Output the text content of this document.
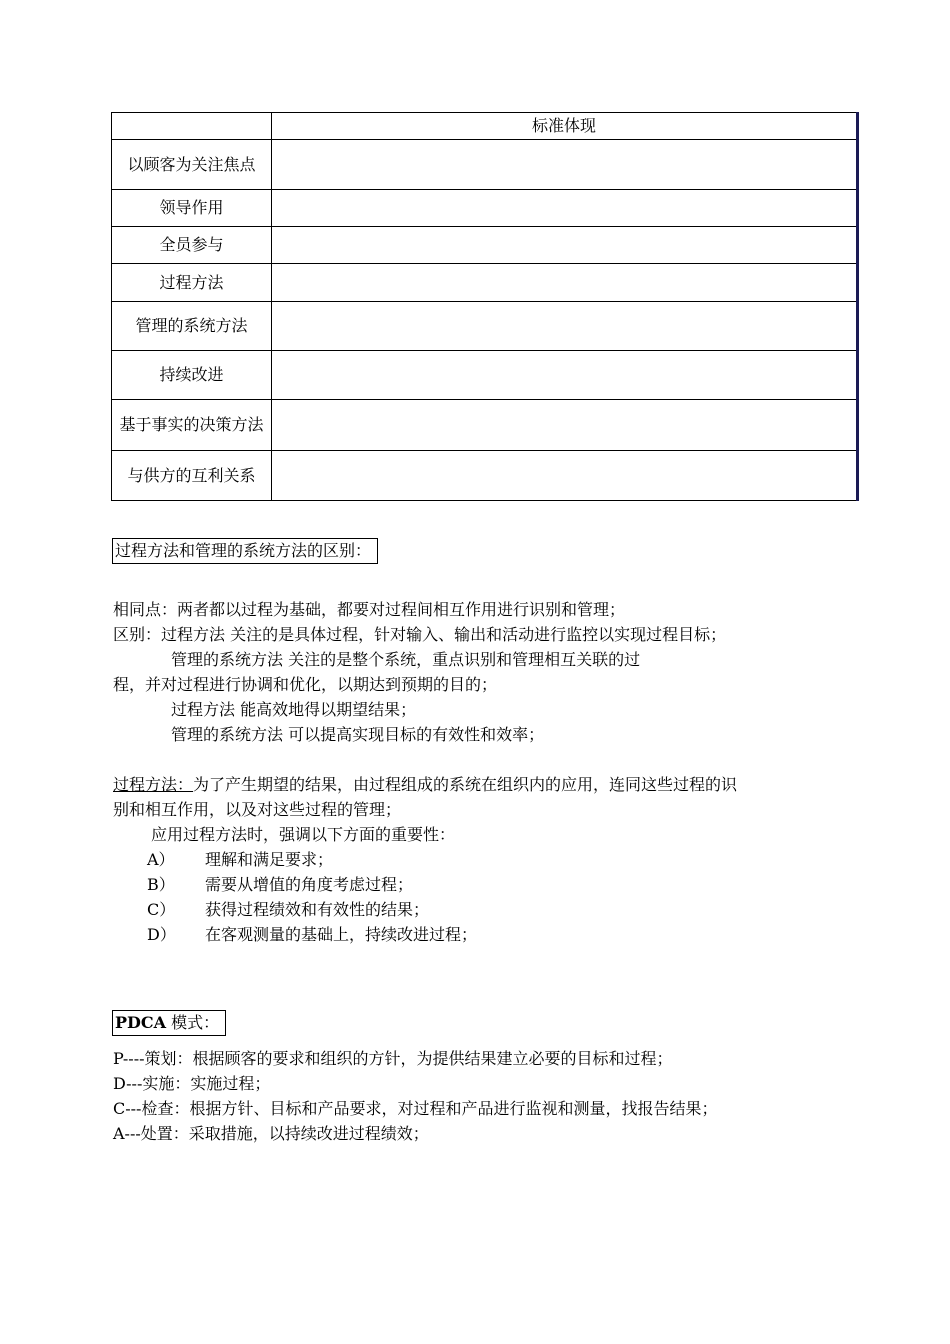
	标准体现
以顾客为关注焦点	
领导作用	
全员参与	
过程方法	
管理的系统方法	
持续改进	
基于事实的决策方法	
与供方的互利关系	
过程方法和管理的系统方法的区别：
相同点：两者都以过程为基础，都要对过程间相互作用进行识别和管理；
区别：过程方法 关注的是具体过程，针对输入、输出和活动进行监控以实现过程目标；
管理的系统方法 关注的是整个系统，重点识别和管理相互关联的过
程，并对过程进行协调和优化，以期达到预期的目的；
过程方法 能高效地得以期望结果；
管理的系统方法 可以提高实现目标的有效性和效率；
过程方法：为了产生期望的结果，由过程组成的系统在组织内的应用，连同这些过程的识
别和相互作用，以及对这些过程的管理；
应用过程方法时，强调以下方面的重要性：
A） 理解和满足要求；
B） 需要从增值的角度考虑过程；
C） 获得过程绩效和有效性的结果；
D） 在客观测量的基础上，持续改进过程；
PDCA 模式：
P----策划：根据顾客的要求和组织的方针，为提供结果建立必要的目标和过程；
D---实施：实施过程；
C---检查：根据方针、目标和产品要求，对过程和产品进行监视和测量，找报告结果；
A---处置：采取措施，以持续改进过程绩效；
